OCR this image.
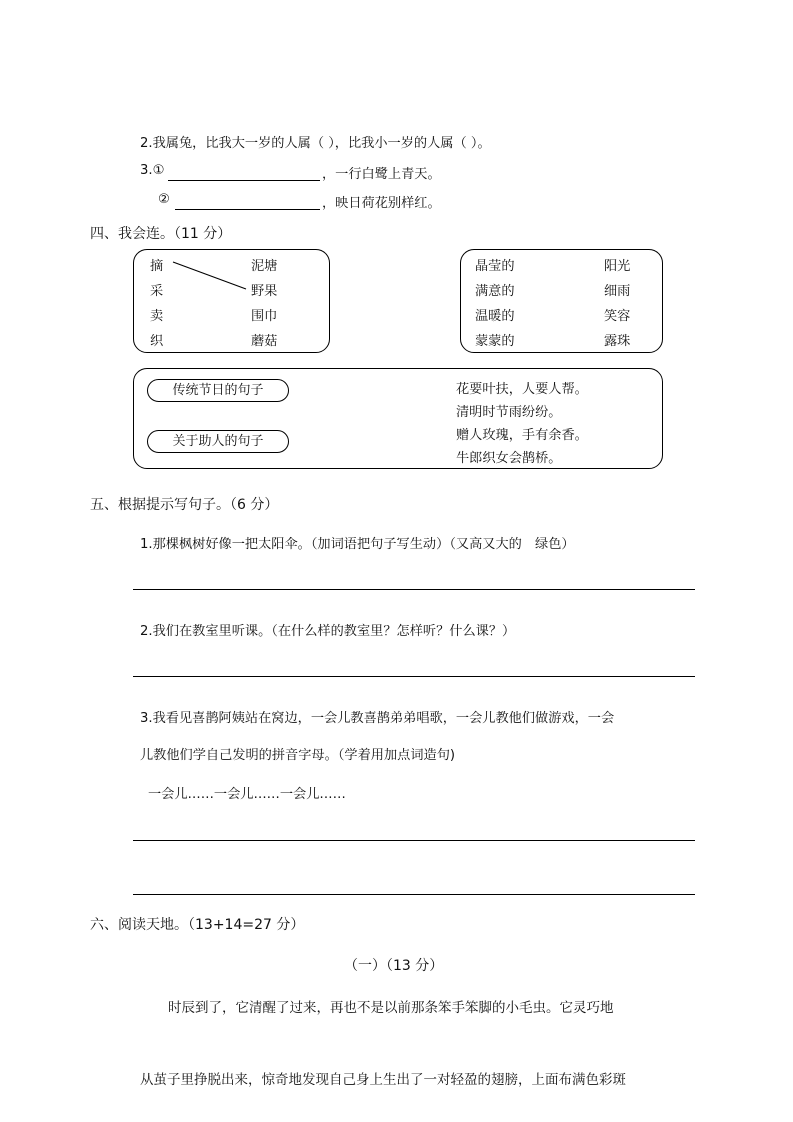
2.我属兔，比我大一岁的人属（ ），比我小一岁的人属（ ）。
3.①	，一行白鹭上青天。
②	，映日荷花别样红。
四、我会连。（11 分）
摘
采
卖
织
泥塘
野果
围巾
蘑菇
晶莹的
满意的
温暖的
蒙蒙的
阳光
细雨
笑容
露珠
传统节日的句子
关于助人的句子
花要叶扶，人要人帮。
清明时节雨纷纷。
赠人玫瑰，手有余香。
牛郎织女会鹊桥。
五、根据提示写句子。（6 分）
1.那棵枫树好像一把太阳伞。（加词语把句子写生动）（又高又大的　绿色）
2.我们在教室里听课。（在什么样的教室里？怎样听？什么课？）
3.我看见喜鹊阿姨站在窝边，一会儿教喜鹊弟弟唱歌，一会儿教他们做游戏，一会
儿教他们学自己发明的拼音字母。（学着用加点词造句)
一会儿……一会儿……一会儿……
六、阅读天地。（13+14=27 分）
（一）（13 分）
时辰到了，它清醒了过来，再也不是以前那条笨手笨脚的小毛虫。它灵巧地
从茧子里挣脱出来，惊奇地发现自己身上生出了一对轻盈的翅膀，上面布满色彩斑
